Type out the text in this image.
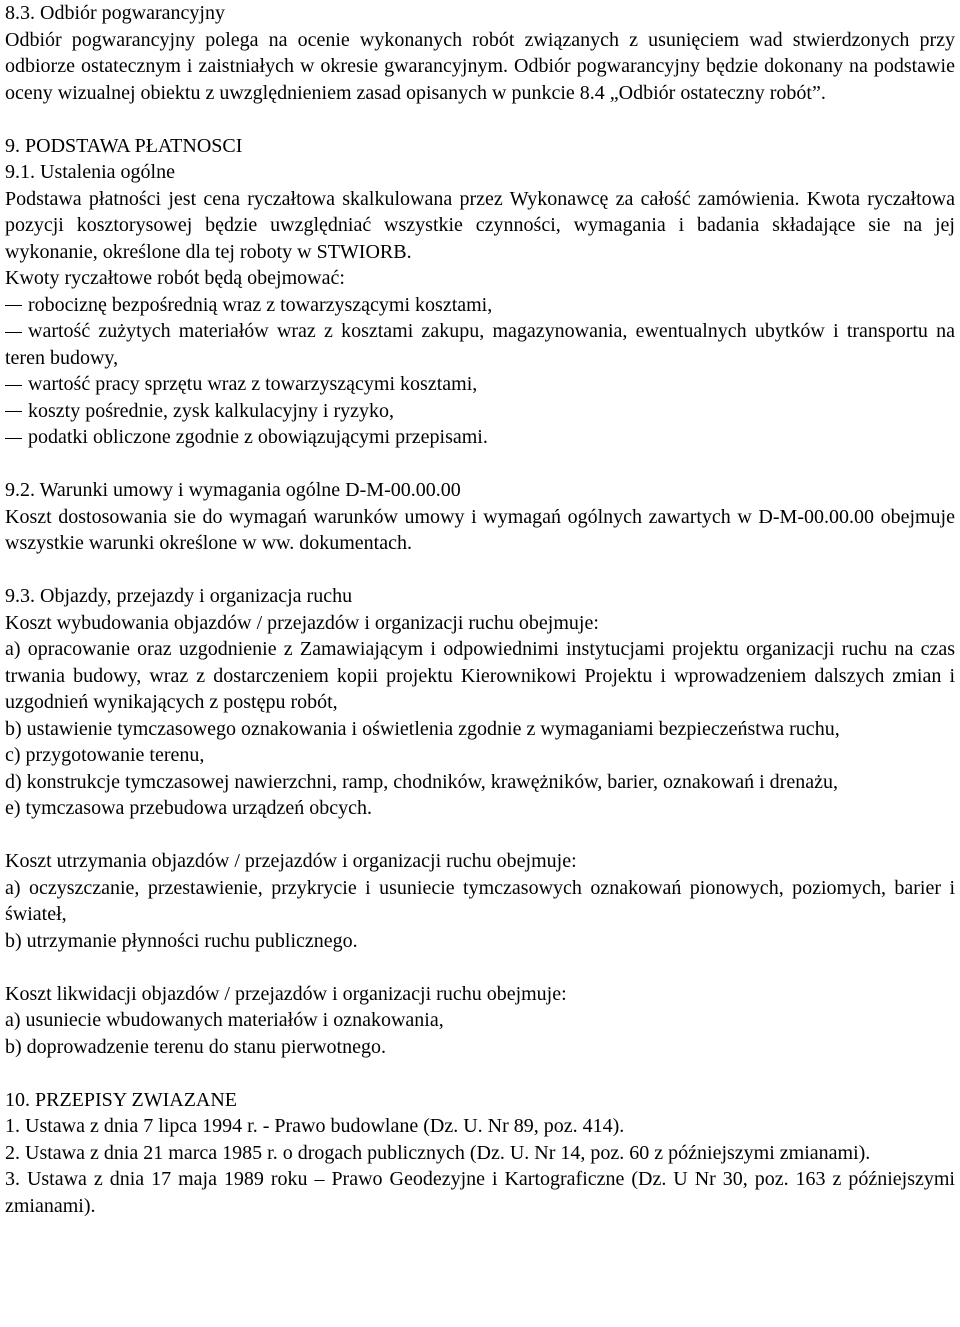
8.3. Odbiór pogwarancyjny

Odbiór pogwarancyjny polega na ocenie wykonanych robót związanych z usunięciem wad stwierdzonych przy odbiorze ostatecznym i zaistniałych w okresie gwarancyjnym. Odbiór pogwarancyjny będzie dokonany na podstawie oceny wizualnej obiektu z uwzględnieniem zasad opisanych w punkcie 8.4 „Odbiór ostateczny robót”.

9. PODSTAWA PŁATNOSCI

9.1. Ustalenia ogólne

Podstawa płatności jest cena ryczałtowa skalkulowana przez Wykonawcę za całość zamówienia. Kwota ryczałtowa pozycji kosztorysowej będzie uwzględniać wszystkie czynności, wymagania i badania składające sie na jej wykonanie, określone dla tej roboty w STWIORB.

Kwoty ryczałtowe robót będą obejmować:

robociznę bezpośrednią wraz z towarzyszącymi kosztami,

wartość zużytych materiałów wraz z kosztami zakupu, magazynowania, ewentualnych ubytków i transportu na teren budowy,

wartość pracy sprzętu wraz z towarzyszącymi kosztami,

koszty pośrednie, zysk kalkulacyjny i ryzyko,

podatki obliczone zgodnie z obowiązującymi przepisami.

9.2. Warunki umowy i wymagania ogólne D-M-00.00.00

Koszt dostosowania sie do wymagań warunków umowy i wymagań ogólnych zawartych w D-M-00.00.00 obejmuje wszystkie warunki określone w ww. dokumentach.

9.3. Objazdy, przejazdy i organizacja ruchu

Koszt wybudowania objazdów / przejazdów i organizacji ruchu obejmuje:

a) opracowanie oraz uzgodnienie z Zamawiającym i odpowiednimi instytucjami projektu organizacji ruchu na czas trwania budowy, wraz z dostarczeniem kopii projektu Kierownikowi Projektu i wprowadzeniem dalszych zmian i uzgodnień wynikających z postępu robót,

b) ustawienie tymczasowego oznakowania i oświetlenia zgodnie z wymaganiami bezpieczeństwa ruchu,

c) przygotowanie terenu,

d) konstrukcje tymczasowej nawierzchni, ramp, chodników, krawężników, barier, oznakowań i drenażu,

e) tymczasowa przebudowa urządzeń obcych.

Koszt utrzymania objazdów / przejazdów i organizacji ruchu obejmuje:

a) oczyszczanie, przestawienie, przykrycie i usuniecie tymczasowych oznakowań pionowych, poziomych, barier i świateł,

b) utrzymanie płynności ruchu publicznego.

Koszt likwidacji objazdów / przejazdów i organizacji ruchu obejmuje:

a) usuniecie wbudowanych materiałów i oznakowania,

b) doprowadzenie terenu do stanu pierwotnego.

10. PRZEPISY ZWIAZANE

1. Ustawa z dnia 7 lipca 1994 r. - Prawo budowlane (Dz. U. Nr 89, poz. 414).

2. Ustawa z dnia 21 marca 1985 r. o drogach publicznych (Dz. U. Nr 14, poz. 60 z późniejszymi zmianami).

3. Ustawa z dnia 17 maja 1989 roku – Prawo Geodezyjne i Kartograficzne (Dz. U Nr 30, poz. 163 z późniejszymi zmianami).
